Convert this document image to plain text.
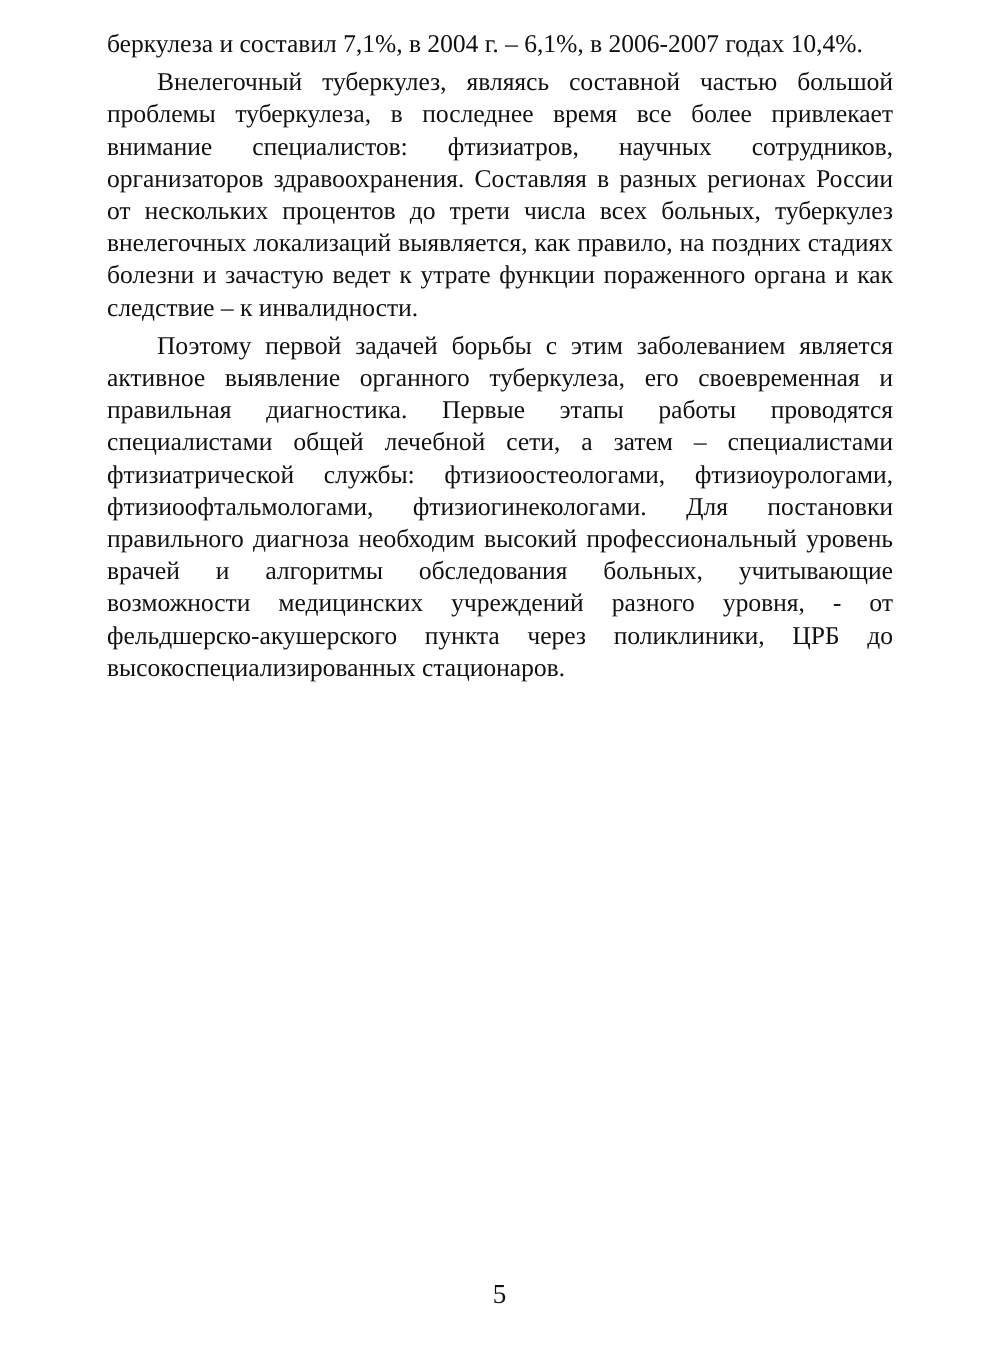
беркулеза и составил 7,1%, в 2004 г. – 6,1%, в 2006-2007 годах 10,4%.

Внелегочный туберкулез, являясь составной частью большой проблемы туберкулеза, в последнее время все более привлекает внимание специалистов: фтизиатров, научных сотрудников, организаторов здравоохранения. Составляя в разных регионах России от нескольких процентов до трети числа всех больных, туберкулез внелегочных локализаций выявляется, как правило, на поздних стадиях болезни и зачастую ведет к утрате функции пораженного органа и как следствие – к инвалидности.

Поэтому первой задачей борьбы с этим заболеванием является активное выявление органного туберкулеза, его своевременная и правильная диагностика. Первые этапы работы проводятся специалистами общей лечебной сети, а затем – специалистами фтизиатрической службы: фтизиоостеологами, фтизиоурологами, фтизиоофтальмологами, фтизиогинекологами. Для постановки правильного диагноза необходим высокий профессиональный уровень врачей и алгоритмы обследования больных, учитывающие возможности медицинских учреждений разного уровня, - от фельдшерско-акушерского пункта через поликлиники, ЦРБ до высокоспециализированных стационаров.

5
